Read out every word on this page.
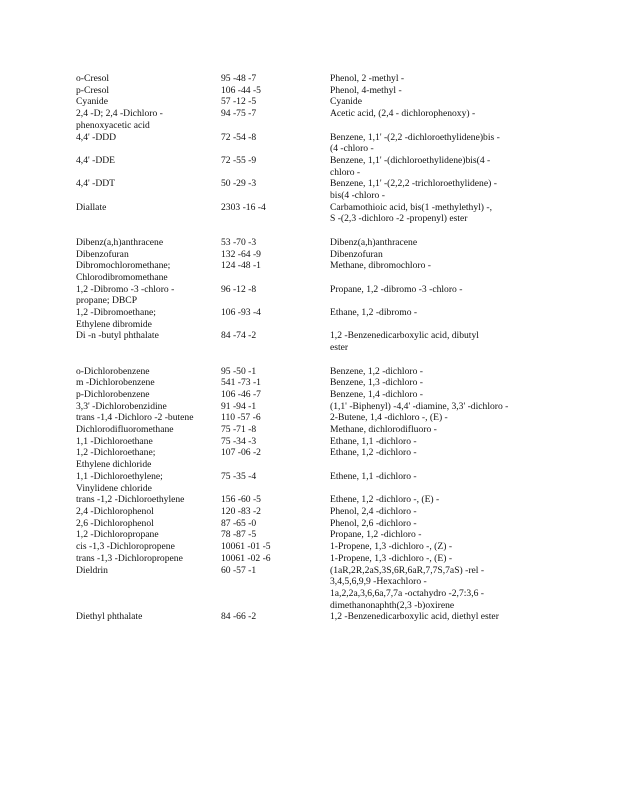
o-Cresol	95 -48 -7	Phenol, 2 -methyl -
p-Cresol	106 -44 -5	Phenol, 4-methyl -
Cyanide	57 -12 -5	Cyanide
2,4 -D; 2,4 -Dichloro -
phenoxyacetic acid
94 -75 -7	Acetic acid, (2,4 - dichlorophenoxy) -
4,4' -DDD	72 -54 -8	Benzene, 1,1' -(2,2 -dichloroethylidene)bis -
(4 -chloro -
4,4' -DDE	72 -55 -9	Benzene, 1,1' -(dichloroethylidene)bis(4 -
chloro -
4,4' -DDT	50 -29 -3	Benzene, 1,1' -(2,2,2 -trichloroethylidene) -
bis(4 -chloro -
Diallate	2303 -16 -4	Carbamothioic acid, bis(1 -methylethyl) -,
S -(2,3 -dichloro -2 -propenyl) ester
Dibenz(a,h)anthracene	53 -70 -3	Dibenz(a,h)anthracene
Dibenzofuran	132 -64 -9	Dibenzofuran
Dibromochloromethane;
Chlorodibromomethane
124 -48 -1	Methane, dibromochloro -
1,2 -Dibromo -3 -chloro -
propane; DBCP
96 -12 -8	Propane, 1,2 -dibromo -3 -chloro -
1,2 -Dibromoethane;
Ethylene dibromide
106 -93 -4	Ethane, 1,2 -dibromo -
Di -n -butyl phthalate	84 -74 -2	1,2 -Benzenedicarboxylic acid, dibutyl
ester
o-Dichlorobenzene	95 -50 -1	Benzene, 1,2 -dichloro -
m -Dichlorobenzene	541 -73 -1	Benzene, 1,3 -dichloro -
p-Dichlorobenzene	106 -46 -7	Benzene, 1,4 -dichloro -
3,3' -Dichlorobenzidine	91 -94 -1	(1,1' -Biphenyl) -4,4' -diamine, 3,3' -dichloro -
trans -1,4 -Dichloro -2 -butene	110 -57 -6	2-Butene, 1,4 -dichloro -, (E) -
Dichlorodifluoromethane	75 -71 -8	Methane, dichlorodifluoro -
1,1 -Dichloroethane	75 -34 -3	Ethane, 1,1 -dichloro -
1,2 -Dichloroethane;
Ethylene dichloride
107 -06 -2	Ethane, 1,2 -dichloro -
1,1 -Dichloroethylene;
Vinylidene chloride
75 -35 -4	Ethene, 1,1 -dichloro -
trans -1,2 -Dichloroethylene	156 -60 -5	Ethene, 1,2 -dichloro -, (E) -
2,4 -Dichlorophenol	120 -83 -2	Phenol, 2,4 -dichloro -
2,6 -Dichlorophenol	87 -65 -0	Phenol, 2,6 -dichloro -
1,2 -Dichloropropane	78 -87 -5	Propane, 1,2 -dichloro -
cis -1,3 -Dichloropropene	10061 -01 -5	1-Propene, 1,3 -dichloro -, (Z) -
trans -1,3 -Dichloropropene	10061 -02 -6	1-Propene, 1,3 -dichloro -, (E) -
Dieldrin	60 -57 -1	(1aR,2R,2aS,3S,6R,6aR,7,7S,7aS) -rel -
3,4,5,6,9,9 -Hexachloro -
1a,2,2a,3,6,6a,7,7a -octahydro -2,7:3,6 -
dimethanonaphth(2,3 -b)oxirene
Diethyl phthalate	84 -66 -2	1,2 -Benzenedicarboxylic acid, diethyl ester
